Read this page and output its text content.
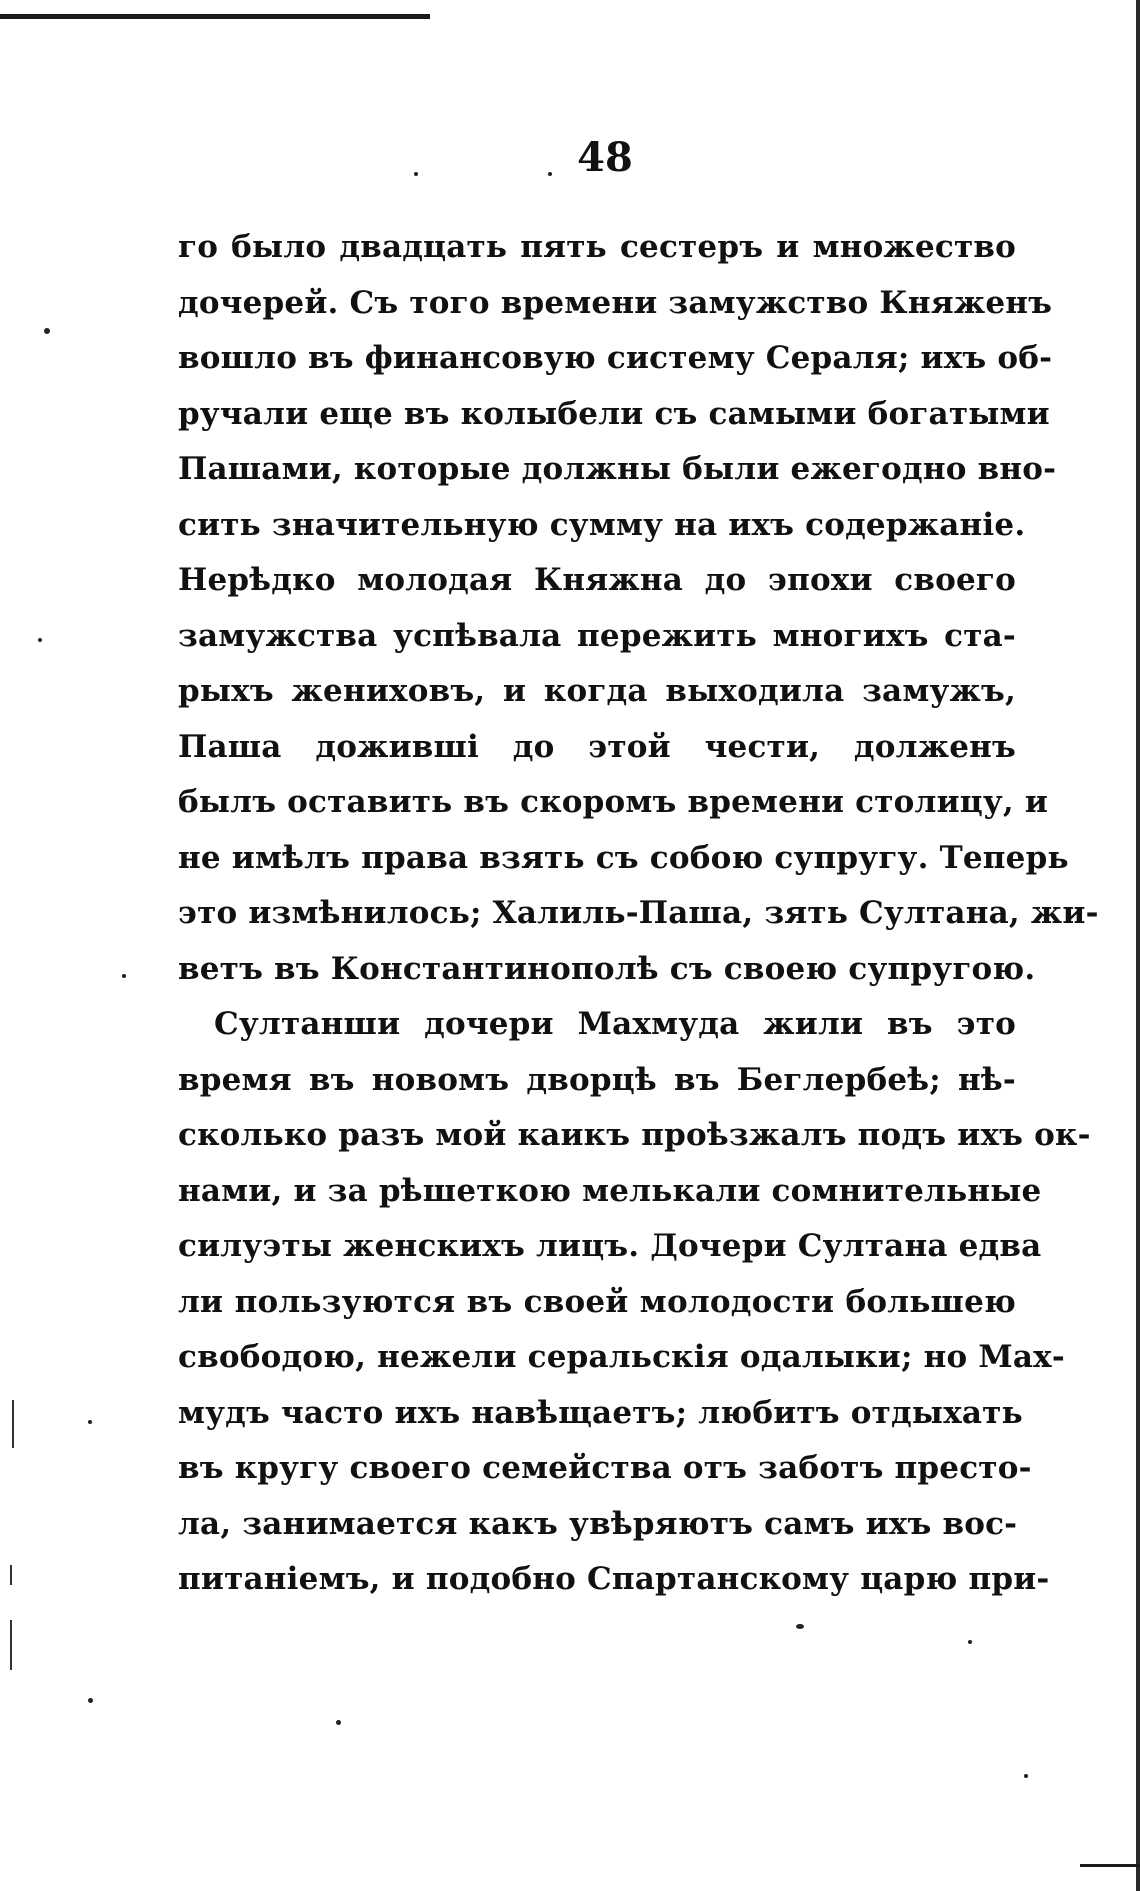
48
го было двадцать пять сестеръ и множество
дочерей. Съ того времени замужство Княженъ
вошло въ финансовую систему Сераля; ихъ об-
ручали еще въ колыбели съ самыми богатыми
Пашами, которые должны были ежегодно вно-
сить значительную сумму на ихъ содержаніе.
Нерѣдко молодая Княжна до эпохи своего
замужства успѣвала пережить многихъ ста-
рыхъ жениховъ, и когда выходила замужъ,
Паша доживші до этой чести, долженъ
былъ оставить въ скоромъ времени столицу, и
не имѣлъ права взять съ собою супругу. Теперь
это измѣнилось; Халиль-Паша, зять Султана, жи-
ветъ въ Константинополѣ съ своею супругою.
Султанши дочери Махмуда жили въ это
время въ новомъ дворцѣ въ Беглербеѣ; нѣ-
сколько разъ мой каикъ проѣзжалъ подъ ихъ ок-
нами, и за рѣшеткою мелькали сомнительные
силуэты женскихъ лицъ. Дочери Султана едва
ли пользуются въ своей молодости большею
свободою, нежели серальскія одалыки; но Мах-
мудъ часто ихъ навѣщаетъ; любитъ отдыхать
въ кругу своего семейства отъ заботъ престо-
ла, занимается какъ увѣряютъ самъ ихъ вос-
питаніемъ, и подобно Спартанскому царю при-
